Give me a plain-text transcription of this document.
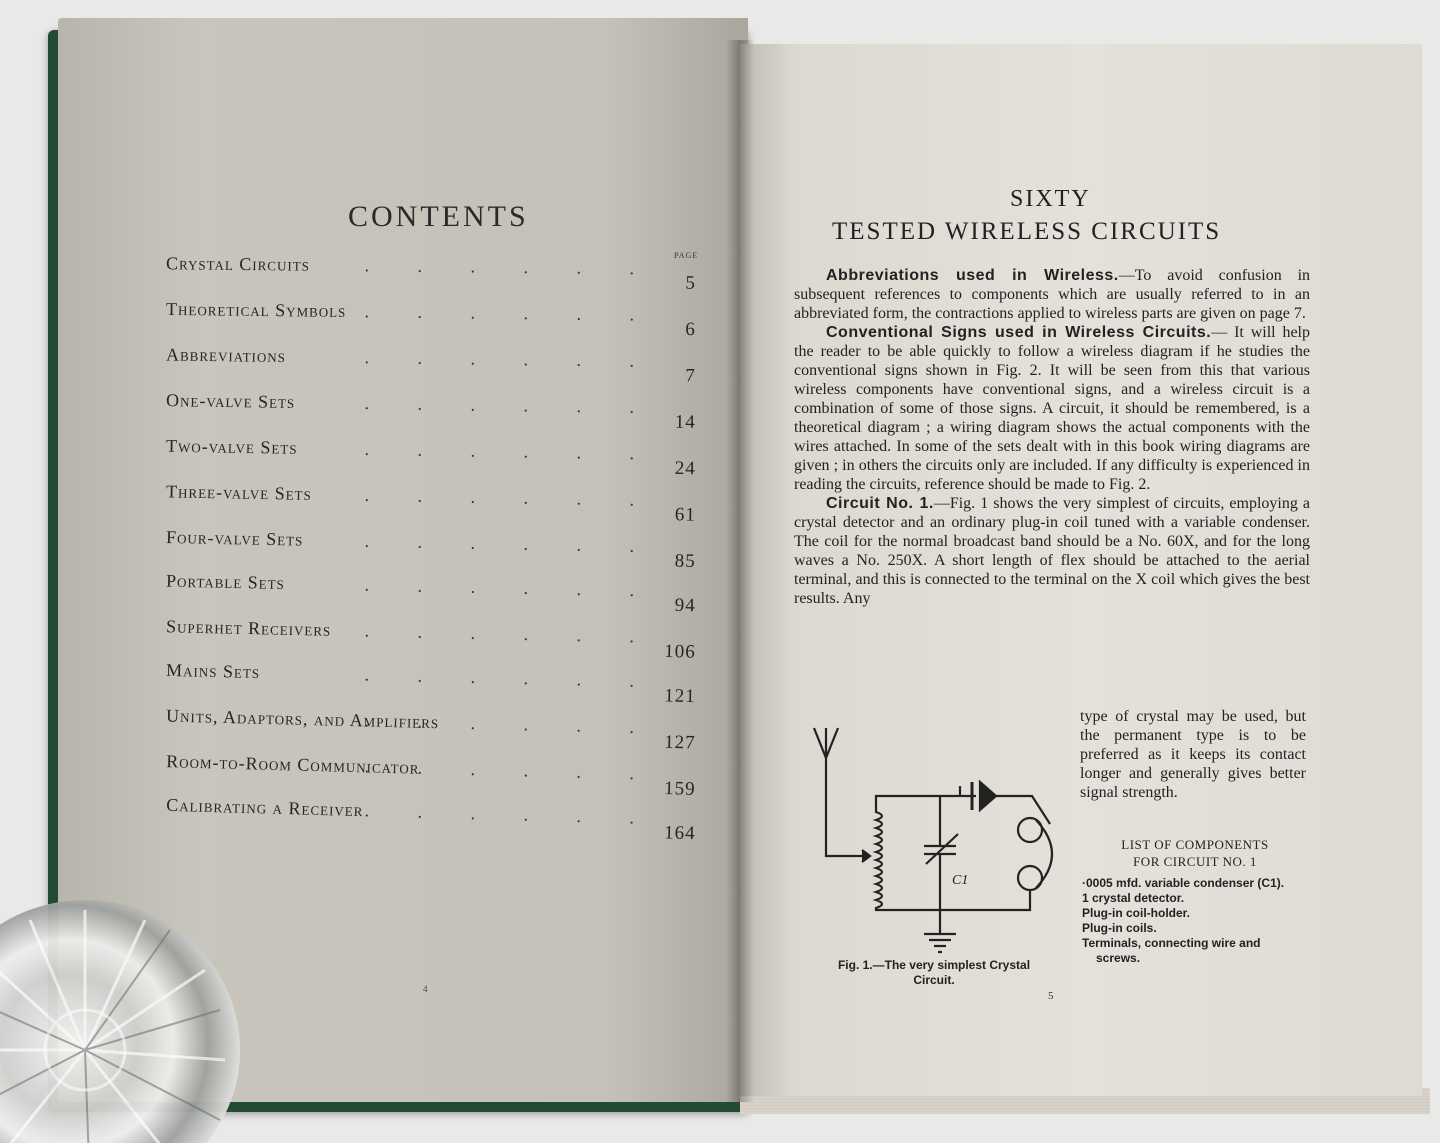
CONTENTS
PAGE
Crystal Circuits	. . . . . .
5
Theoretical Symbols . . . . . .
6
Abbreviations	. . . . . .
7
One-valve Sets	. . . . . .
14
Two-valve Sets	. . . . . .
24
Three-valve Sets	. . . . . .
61
Four-valve Sets	. . . . . .
85
Portable Sets	. . . . . .
94
Superhet Receivers . . . . . .
106
Mains Sets	. . . . . .
121
Units, Adaptors, and Amplifiers
. . . . . .
127
Room-to-Room Communicator
. . . . . .
159
Calibrating a Receiver . . . . . .
164
4
SIXTY
TESTED WIRELESS CIRCUITS

Abbreviations used in Wireless.—To avoid confusion in subsequent references to components which are usually referred to in an abbreviated form, the contractions applied to wireless parts are given on page 7.

Conventional Signs used in Wireless Circuits.— It will help the reader to be able quickly to follow a wireless diagram if he studies the conventional signs shown in Fig. 2. It will be seen from this that various wireless components have conventional signs, and a wireless circuit is a combination of some of those signs. A circuit, it should be remembered, is a theoretical diagram ; a wiring diagram shows the actual components with the wires attached. In some of the sets dealt with in this book wiring diagrams are given ; in others the circuits only are included. If any difficulty is experienced in reading the circuits, reference should be made to Fig. 2.

Circuit No. 1.—Fig. 1 shows the very simplest of circuits, employing a crystal detector and an ordinary plug-in coil tuned with a variable condenser. The coil for the normal broadcast band should be a No. 60X, and for the long waves a No. 250X. A short length of flex should be attached to the aerial terminal, and this is connected to the terminal on the X coil which gives the best results. Any

type of crystal may be used, but the permanent type is to be preferred as it keeps its contact longer and generally gives better signal strength.
LIST OF COMPONENTS
FOR CIRCUIT NO. 1
·0005 mfd. variable condenser (C1).
1 crystal detector.
Plug-in coil-holder.
Plug-in coils.
Terminals, connecting wire and screws.
C1
Fig. 1.—The very simplest Crystal
Circuit.
5
